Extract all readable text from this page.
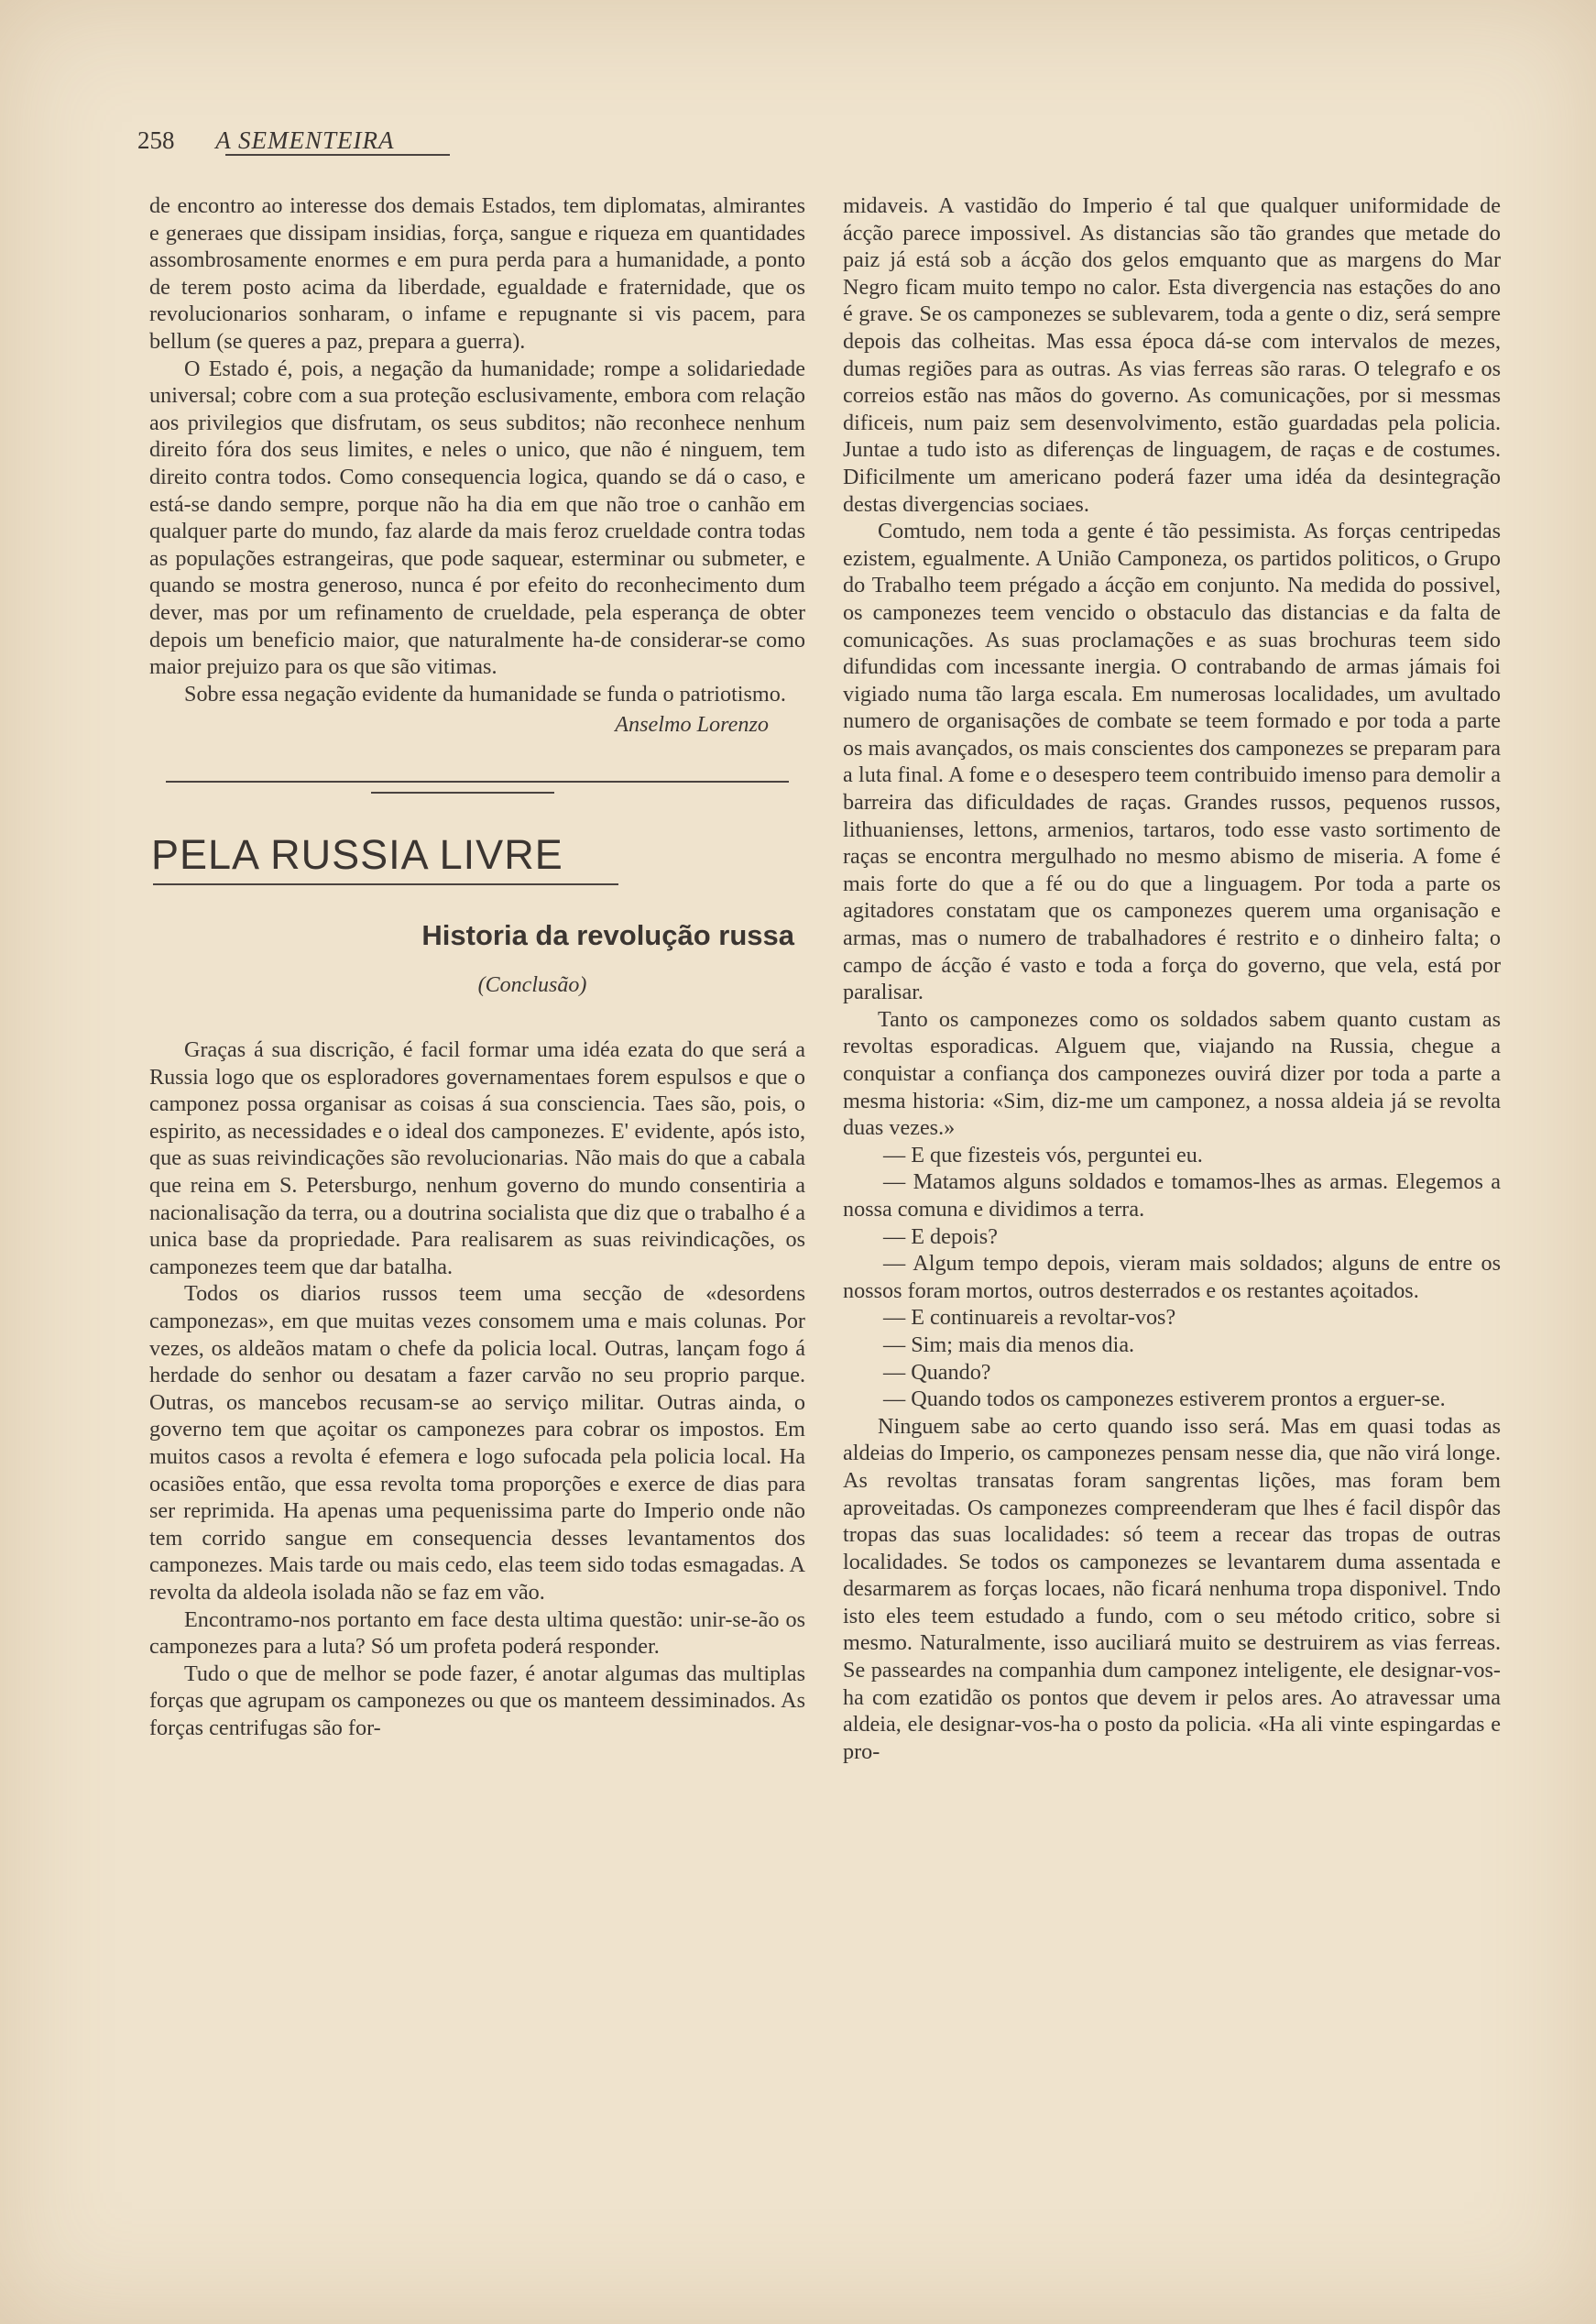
258 A SEMENTEIRA

de encontro ao interesse dos demais Estados, tem diplomatas, almirantes e generaes que dissipam insidias, força, sangue e riqueza em quantidades assombrosamente enormes e em pura perda para a humanidade, a ponto de terem posto acima da liberdade, egualdade e fraternidade, que os revolucionarios sonharam, o infame e repugnante si vis pacem, para bellum (se queres a paz, prepara a guerra).

O Estado é, pois, a negação da humanidade; rompe a solidariedade universal; cobre com a sua proteção esclusivamente, embora com relação aos privilegios que disfrutam, os seus subditos; não reconhece nenhum direito fóra dos seus limites, e neles o unico, que não é ninguem, tem direito contra todos. Como consequencia logica, quando se dá o caso, e está-se dando sempre, porque não ha dia em que não troe o canhão em qualquer parte do mundo, faz alarde da mais feroz crueldade contra todas as populações estrangeiras, que pode saquear, esterminar ou submeter, e quando se mostra generoso, nunca é por efeito do reconhecimento dum dever, mas por um refinamento de crueldade, pela esperança de obter depois um beneficio maior, que naturalmente ha-de considerar-se como maior prejuizo para os que são vitimas.

Sobre essa negação evidente da humanidade se funda o patriotismo.

Anselmo Lorenzo

PELA RUSSIA LIVRE
Historia da revolução russa

(Conclusão)

Graças á sua discrição, é facil formar uma idéa ezata do que será a Russia logo que os esploradores governamentaes forem espulsos e que o camponez possa organisar as coisas á sua consciencia. Taes são, pois, o espirito, as necessidades e o ideal dos camponezes. E' evidente, após isto, que as suas reivindicações são revolucionarias. Não mais do que a cabala que reina em S. Petersburgo, nenhum governo do mundo consentiria a nacionalisação da terra, ou a doutrina socialista que diz que o trabalho é a unica base da propriedade. Para realisarem as suas reivindicações, os camponezes teem que dar batalha.

Todos os diarios russos teem uma secção de «desordens camponezas», em que muitas vezes consomem uma e mais colunas. Por vezes, os aldeãos matam o chefe da policia local. Outras, lançam fogo á herdade do senhor ou desatam a fazer carvão no seu proprio parque. Outras, os mancebos recusam-se ao serviço militar. Outras ainda, o governo tem que açoitar os camponezes para cobrar os impostos. Em muitos casos a revolta é efemera e logo sufocada pela policia local. Ha ocasiões então, que essa revolta toma proporções e exerce de dias para ser reprimida. Ha apenas uma pequenissima parte do Imperio onde não tem corrido sangue em consequencia desses levantamentos dos camponezes. Mais tarde ou mais cedo, elas teem sido todas esmagadas. A revolta da aldeola isolada não se faz em vão.

Encontramo-nos portanto em face desta ultima questão: unir-se-ão os camponezes para a luta? Só um profeta poderá responder.

Tudo o que de melhor se pode fazer, é anotar algumas das multiplas forças que agrupam os camponezes ou que os manteem dessiminados. As forças centrifugas são for-

midaveis. A vastidão do Imperio é tal que qualquer uniformidade de ácção parece impossivel. As distancias são tão grandes que metade do paiz já está sob a ácção dos gelos emquanto que as margens do Mar Negro ficam muito tempo no calor. Esta divergencia nas estações do ano é grave. Se os camponezes se sublevarem, toda a gente o diz, será sempre depois das colheitas. Mas essa época dá-se com intervalos de mezes, dumas regiões para as outras. As vias ferreas são raras. O telegrafo e os correios estão nas mãos do governo. As comunicações, por si messmas dificeis, num paiz sem desenvolvimento, estão guardadas pela policia. Juntae a tudo isto as diferenças de linguagem, de raças e de costumes. Dificilmente um americano poderá fazer uma idéa da desintegração destas divergencias sociaes.

Comtudo, nem toda a gente é tão pessimista. As forças centripedas ezistem, egualmente. A União Camponeza, os partidos politicos, o Grupo do Trabalho teem prégado a ácção em conjunto. Na medida do possivel, os camponezes teem vencido o obstaculo das distancias e da falta de comunicações. As suas proclamações e as suas brochuras teem sido difundidas com incessante inergia. O contrabando de armas jámais foi vigiado numa tão larga escala. Em numerosas localidades, um avultado numero de organisações de combate se teem formado e por toda a parte os mais avançados, os mais conscientes dos camponezes se preparam para a luta final. A fome e o desespero teem contribuido imenso para demolir a barreira das dificuldades de raças. Grandes russos, pequenos russos, lithuanienses, lettons, armenios, tartaros, todo esse vasto sortimento de raças se encontra mergulhado no mesmo abismo de miseria. A fome é mais forte do que a fé ou do que a linguagem. Por toda a parte os agitadores constatam que os camponezes querem uma organisação e armas, mas o numero de trabalhadores é restrito e o dinheiro falta; o campo de ácção é vasto e toda a força do governo, que vela, está por paralisar.

Tanto os camponezes como os soldados sabem quanto custam as revoltas esporadicas. Alguem que, viajando na Russia, chegue a conquistar a confiança dos camponezes ouvirá dizer por toda a parte a mesma historia: «Sim, diz-me um camponez, a nossa aldeia já se revolta duas vezes.»

— E que fizesteis vós, perguntei eu.

— Matamos alguns soldados e tomamos-lhes as armas. Elegemos a nossa comuna e dividimos a terra.

— E depois?

— Algum tempo depois, vieram mais soldados; alguns de entre os nossos foram mortos, outros desterrados e os restantes açoitados.

— E continuareis a revoltar-vos?

— Sim; mais dia menos dia.

— Quando?

— Quando todos os camponezes estiverem prontos a erguer-se.

Ninguem sabe ao certo quando isso será. Mas em quasi todas as aldeias do Imperio, os camponezes pensam nesse dia, que não virá longe. As revoltas transatas foram sangrentas lições, mas foram bem aproveitadas. Os camponezes compreenderam que lhes é facil dispôr das tropas das suas localidades: só teem a recear das tropas de outras localidades. Se todos os camponezes se levantarem duma assentada e desarmarem as forças locaes, não ficará nenhuma tropa disponivel. Tndo isto eles teem estudado a fundo, com o seu método critico, sobre si mesmo. Naturalmente, isso auciliará muito se destruirem as vias ferreas. Se passeardes na companhia dum camponez inteligente, ele designar-vos-ha com ezatidão os pontos que devem ir pelos ares. Ao atravessar uma aldeia, ele designar-vos-ha o posto da policia. «Ha ali vinte espingardas e pro-
